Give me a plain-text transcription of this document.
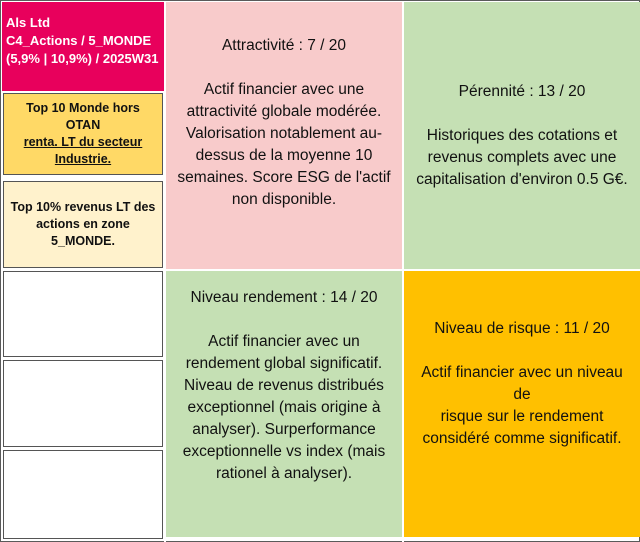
Als Ltd
C4_Actions / 5_MONDE
(5,9% | 10,9%) / 2025W31
Top 10 Monde hors OTAN
renta. LT du secteur
Industrie.
Top 10% revenus LT des
actions en zone 5_MONDE.
Attractivité : 7 / 20
Actif financier avec une
attractivité globale modérée.
Valorisation notablement au-
dessus de la moyenne 10
semaines. Score ESG de l'actif
non disponible.
Pérennité : 13 / 20
Historiques des cotations et
revenus complets avec une
capitalisation d'environ 0.5 G€.
Niveau rendement : 14 / 20
Actif financier avec un
rendement global significatif.
Niveau de revenus distribués
exceptionnel (mais origine à
analyser). Surperformance
exceptionnelle vs index (mais
rationel à analyser).
Niveau de risque : 11 / 20
Actif financier avec un niveau de
risque sur le rendement
considéré comme significatif.
